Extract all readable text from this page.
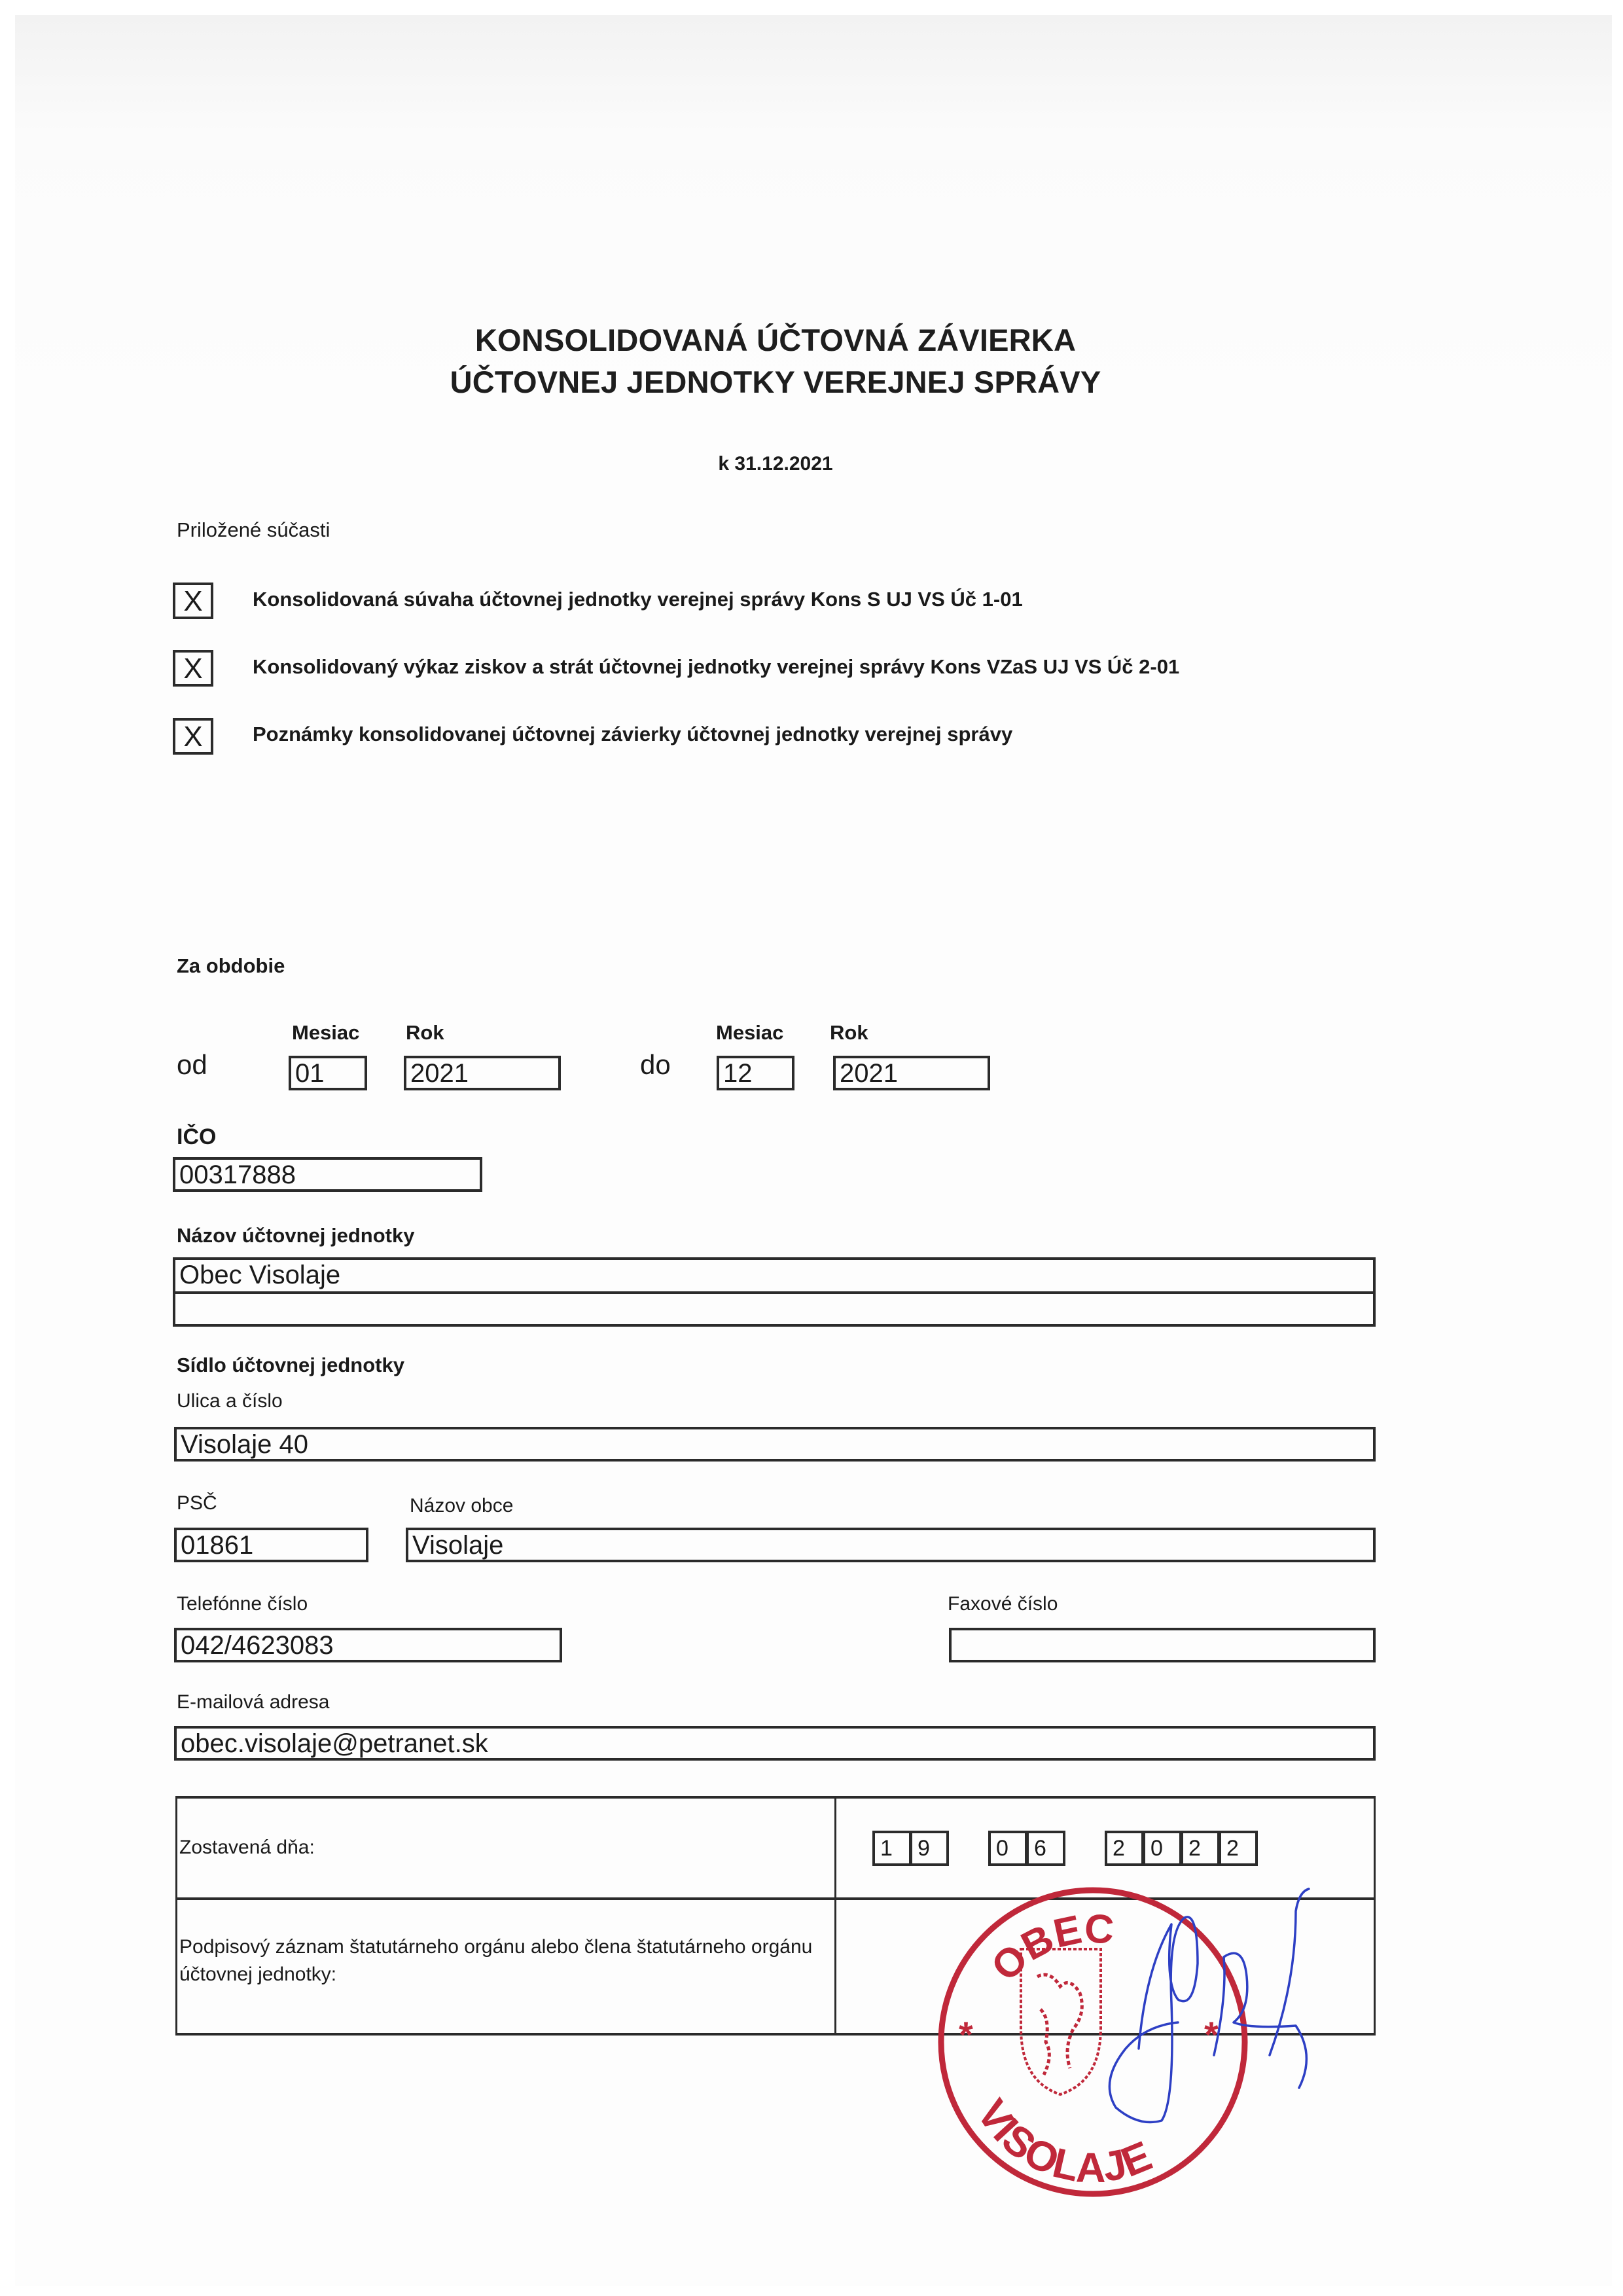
KONSOLIDOVANÁ ÚČTOVNÁ ZÁVIERKA
ÚČTOVNEJ JEDNOTKY VEREJNEJ SPRÁVY
k 31.12.2021
Priložené súčasti
X	Konsolidovaná súvaha účtovnej jednotky verejnej správy Kons S UJ VS Úč 1-01
X	Konsolidovaný výkaz ziskov a strát účtovnej jednotky verejnej správy Kons VZaS UJ VS Úč 2-01
X	Poznámky konsolidovanej účtovnej závierky účtovnej jednotky verejnej správy
Za obdobie
Mesiac Rok	Mesiac Rok
od	01	2021	do 12	2021
IČO
00317888
Názov účtovnej jednotky
Obec Visolaje
Sídlo účtovnej jednotky
Ulica a číslo
Visolaje 40
PSČ	Názov obce
01861	Visolaje
Telefónne číslo	Faxové číslo
042/4623083
E-mailová adresa
obec.visolaje@petranet.sk
Zostavená dňa:	1	9	0	6	2	0	2	2
Podpisový záznam štatutárneho orgánu alebo člena štatutárneho orgánu účtovnej jednotky:
*	*
OBEC
VISOLAJE
